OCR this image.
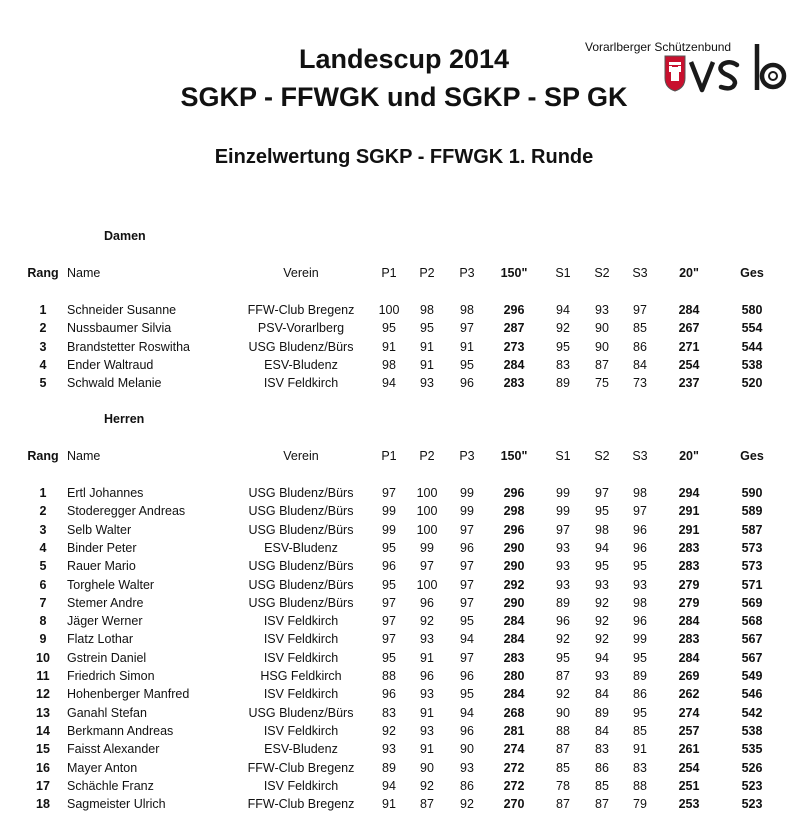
Landescup 2014
SGKP - FFWGK und SGKP - SP GK
Einzelwertung SGKP - FFWGK 1. Runde
Vorarlberger Schützenbund
Damen
Rang Name	Verein	P1	P2	P3	150"	S1	S2	S3	20"	Ges
1	Schneider Susanne	FFW-Club Bregenz	100	98	98	296	94	93	97	284	580
2	Nussbaumer Silvia	PSV-Vorarlberg	95	95	97	287	92	90	85	267	554
3	Brandstetter Roswitha	USG Bludenz/Bürs	91	91	91	273	95	90	86	271	544
4	Ender Waltraud	ESV-Bludenz	98	91	95	284	83	87	84	254	538
5	Schwald Melanie	ISV Feldkirch	94	93	96	283	89	75	73	237	520
Herren
Rang Name	Verein	P1	P2	P3	150"	S1	S2	S3	20"	Ges
1	Ertl Johannes	USG Bludenz/Bürs	97	100	99	296	99	97	98	294	590
2	Stoderegger Andreas	USG Bludenz/Bürs	99	100	99	298	99	95	97	291	589
3	Selb Walter	USG Bludenz/Bürs	99	100	97	296	97	98	96	291	587
4	Binder Peter	ESV-Bludenz	95	99	96	290	93	94	96	283	573
5	Rauer Mario	USG Bludenz/Bürs	96	97	97	290	93	95	95	283	573
6	Torghele Walter	USG Bludenz/Bürs	95	100	97	292	93	93	93	279	571
7	Stemer Andre	USG Bludenz/Bürs	97	96	97	290	89	92	98	279	569
8	Jäger Werner	ISV Feldkirch	97	92	95	284	96	92	96	284	568
9	Flatz Lothar	ISV Feldkirch	97	93	94	284	92	92	99	283	567
10	Gstrein Daniel	ISV Feldkirch	95	91	97	283	95	94	95	284	567
11	Friedrich Simon	HSG Feldkirch	88	96	96	280	87	93	89	269	549
12	Hohenberger Manfred	ISV Feldkirch	96	93	95	284	92	84	86	262	546
13	Ganahl Stefan	USG Bludenz/Bürs	83	91	94	268	90	89	95	274	542
14	Berkmann Andreas	ISV Feldkirch	92	93	96	281	88	84	85	257	538
15	Faisst Alexander	ESV-Bludenz	93	91	90	274	87	83	91	261	535
16	Mayer Anton	FFW-Club Bregenz	89	90	93	272	85	86	83	254	526
17	Schächle Franz	ISV Feldkirch	94	92	86	272	78	85	88	251	523
18	Sagmeister Ulrich	FFW-Club Bregenz	91	87	92	270	87	87	79	253	523
